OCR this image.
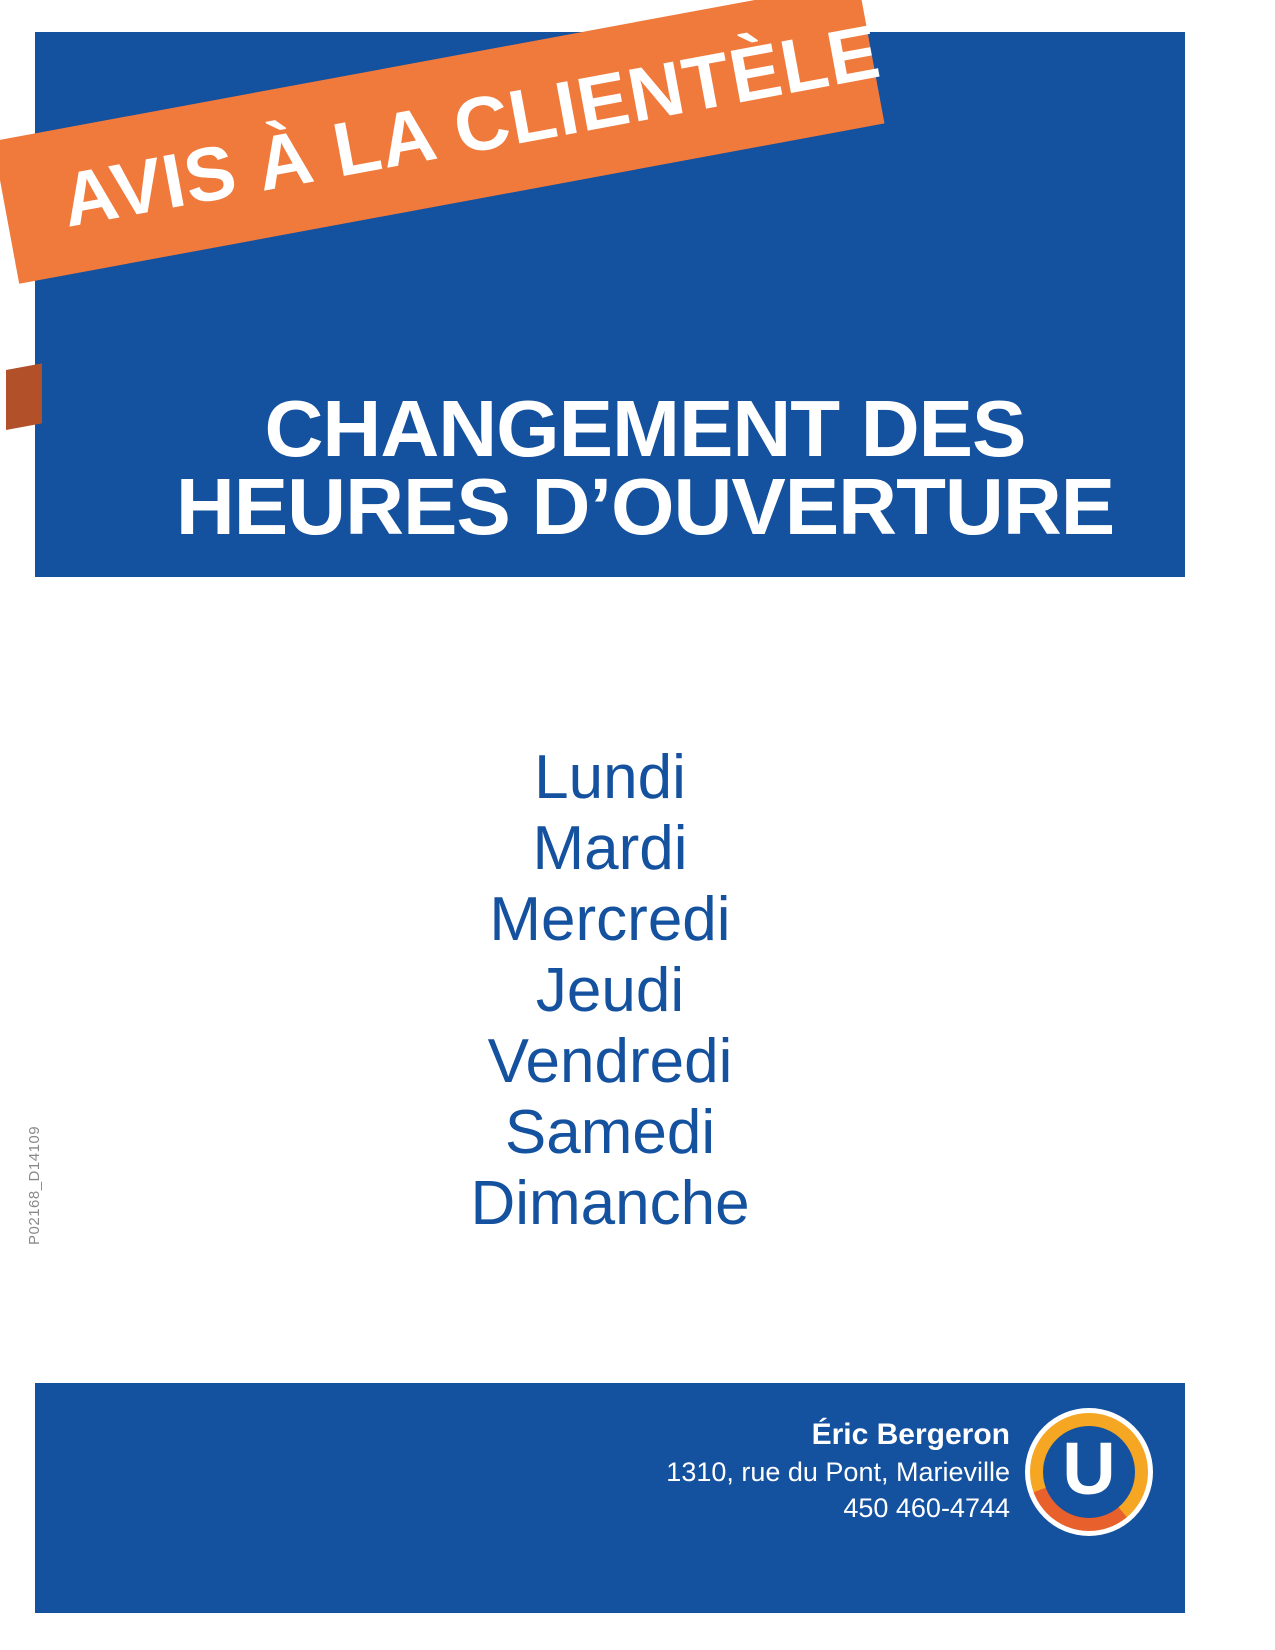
CHANGEMENT DES
HEURES D’OUVERTURE
AVIS À LA CLIENTÈLE
Lundi
Mardi
Mercredi
Jeudi
Vendredi
Samedi
Dimanche
P02168_D14109
Éric Bergeron
1310, rue du Pont, Marieville
450 460-4744 U
